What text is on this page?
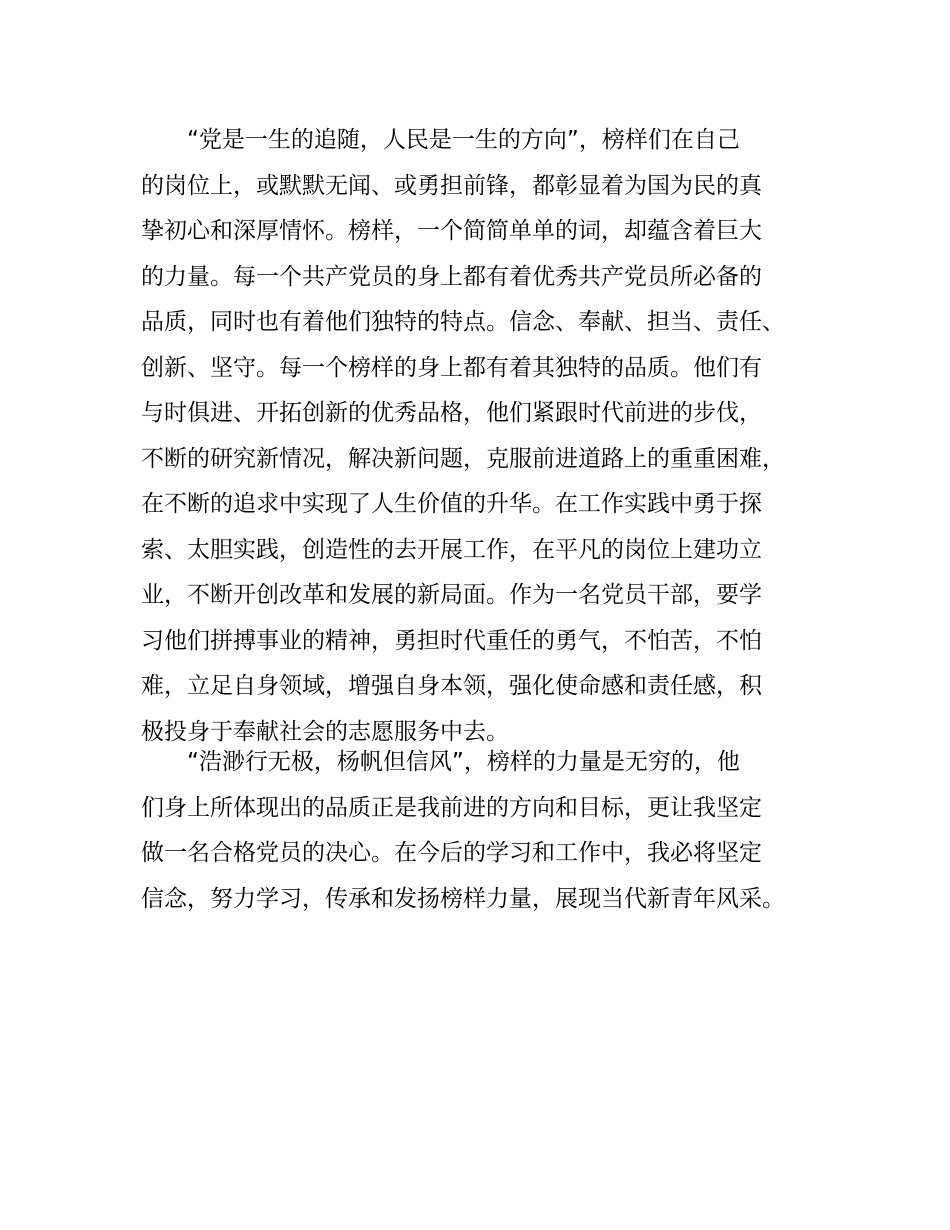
“党是一生的追随，人民是一生的方向”，榜样们在自己
的岗位上，或默默无闻、或勇担前锋，都彰显着为国为民的真
挚初心和深厚情怀。榜样，一个简简单单的词，却蕴含着巨大
的力量。每一个共产党员的身上都有着优秀共产党员所必备的
品质，同时也有着他们独特的特点。信念、奉献、担当、责任、
创新、坚守。每一个榜样的身上都有着其独特的品质。他们有
与时俱进、开拓创新的优秀品格，他们紧跟时代前进的步伐，
不断的研究新情况，解决新问题，克服前进道路上的重重困难，
在不断的追求中实现了人生价值的升华。在工作实践中勇于探
索、太胆实践，创造性的去开展工作，在平凡的岗位上建功立
业，不断开创改革和发展的新局面。作为一名党员干部，要学
习他们拼搏事业的精神，勇担时代重任的勇气，不怕苦，不怕
难，立足自身领域，增强自身本领，强化使命感和责任感，积
极投身于奉献社会的志愿服务中去。
“浩渺行无极，杨帆但信风”，榜样的力量是无穷的，他
们身上所体现出的品质正是我前进的方向和目标，更让我坚定
做一名合格党员的决心。在今后的学习和工作中，我必将坚定
信念，努力学习，传承和发扬榜样力量，展现当代新青年风采。
